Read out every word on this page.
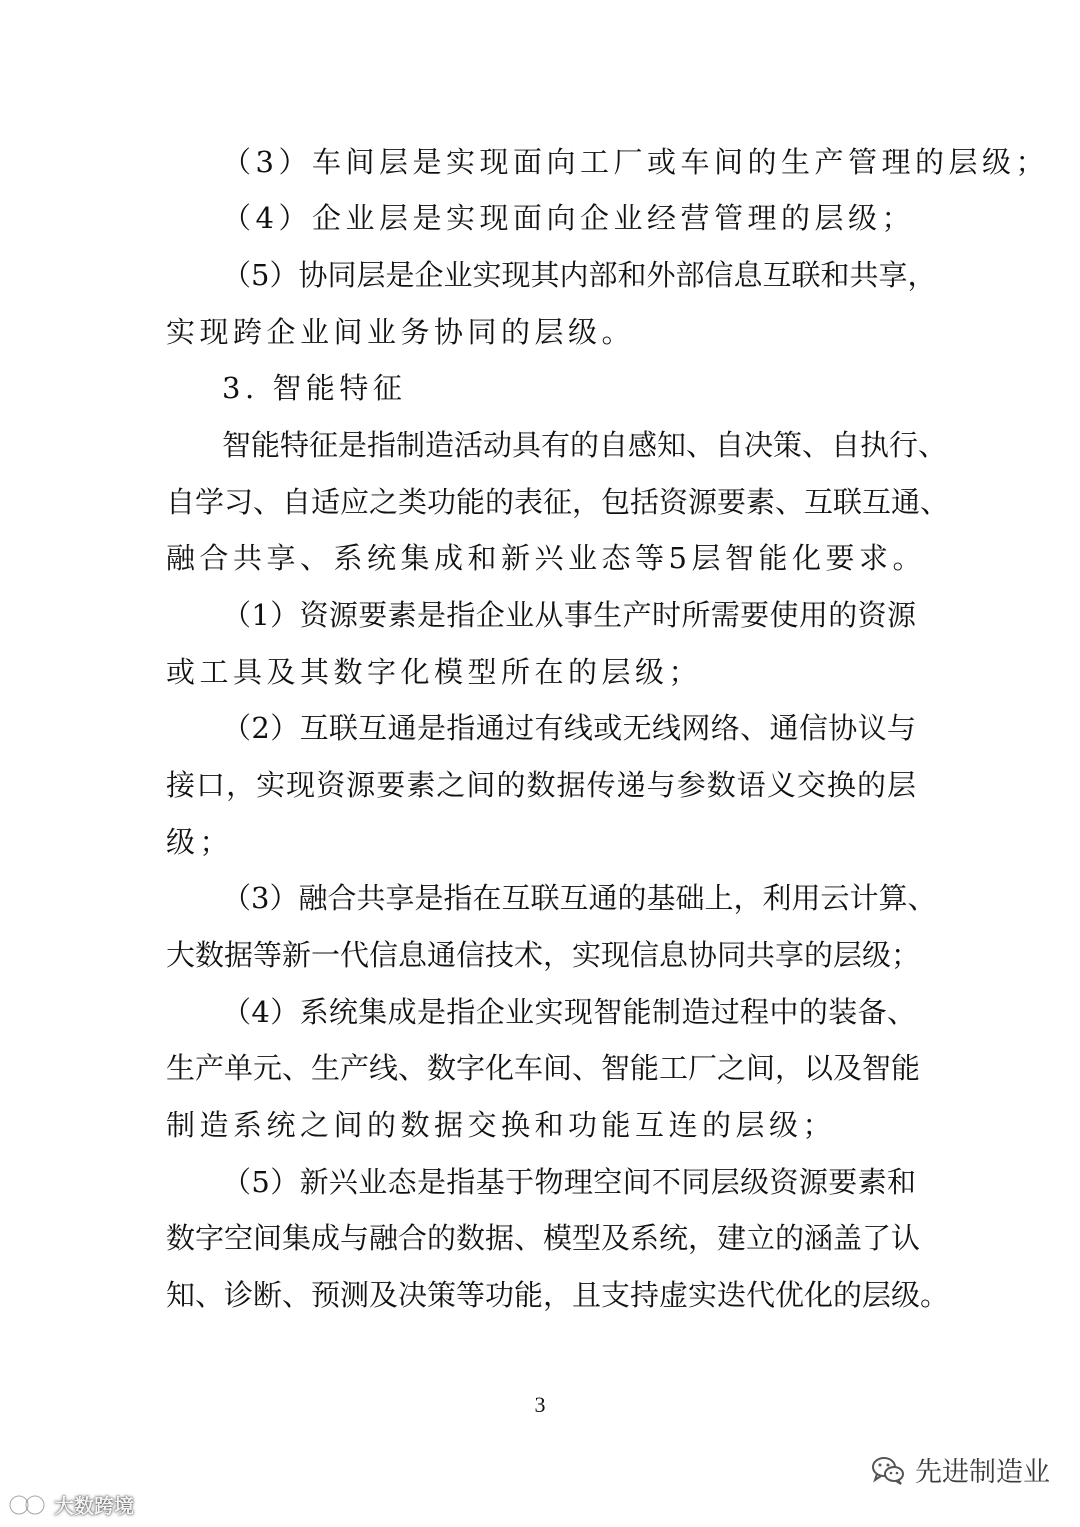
（3）车间层是实现面向工厂或车间的生产管理的层级；
（4）企业层是实现面向企业经营管理的层级；
（5）协同层是企业实现其内部和外部信息互联和共享，
实现跨企业间业务协同的层级。
3. 智能特征
智能特征是指制造活动具有的自感知、自决策、自执行、
自学习、自适应之类功能的表征，包括资源要素、互联互通、
融合共享、系统集成和新兴业态等5层智能化要求。
（1）资源要素是指企业从事生产时所需要使用的资源
或工具及其数字化模型所在的层级；
（2）互联互通是指通过有线或无线网络、通信协议与
接口，实现资源要素之间的数据传递与参数语义交换的层
级；
（3）融合共享是指在互联互通的基础上，利用云计算、
大数据等新一代信息通信技术，实现信息协同共享的层级；
（4）系统集成是指企业实现智能制造过程中的装备、
生产单元、生产线、数字化车间、智能工厂之间，以及智能
制造系统之间的数据交换和功能互连的层级；
（5）新兴业态是指基于物理空间不同层级资源要素和
数字空间集成与融合的数据、模型及系统，建立的涵盖了认
知、诊断、预测及决策等功能，且支持虚实迭代优化的层级。
3
大数跨境
先进制造业
